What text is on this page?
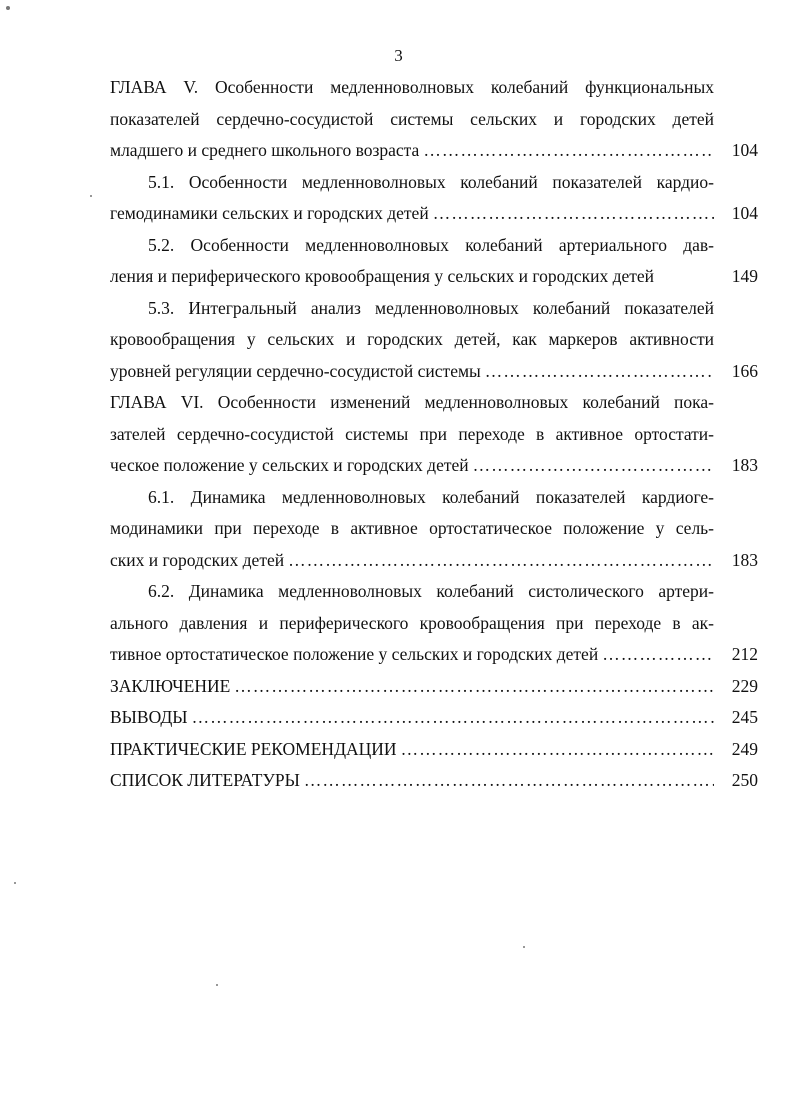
3
ГЛАВА V. Особенности медленноволновых колебаний функциональных
показателей сердечно-сосудистой системы сельских и городских детей
младшего и среднего школьного возраста …………………………………………………………………………………………………………………………………………………………	104
5.1. Особенности медленноволновых колебаний показателей кардио-
гемодинамики сельских и городских детей …………………………………………………………………………………………………………………………………………………………	104
5.2. Особенности медленноволновых колебаний артериального дав-
ления и периферического кровообращения у сельских и городских детей	149
5.3. Интегральный анализ медленноволновых колебаний показателей
кровообращения у сельских и городских детей, как маркеров активности
уровней регуляции сердечно-сосудистой системы …………………………………………………………………………………………………………………………………………………………	166
ГЛАВА VI. Особенности изменений медленноволновых колебаний пока-
зателей сердечно-сосудистой системы при переходе в активное ортостати-
ческое положение у сельских и городских детей …………………………………………………………………………………………………………………………………………………………	183
6.1. Динамика медленноволновых колебаний показателей кардиоге-
модинамики при переходе в активное ортостатическое положение у сель-
ских и городских детей …………………………………………………………………………………………………………………………………………………………	183
6.2. Динамика медленноволновых колебаний систолического артери-
ального давления и периферического кровообращения при переходе в ак-
тивное ортостатическое положение у сельских и городских детей …………………………………………………………………………………………………………………………………………………………	212
ЗАКЛЮЧЕНИЕ …………………………………………………………………………………………………………………………………………………………	229
ВЫВОДЫ …………………………………………………………………………………………………………………………………………………………	245
ПРАКТИЧЕСКИЕ РЕКОМЕНДАЦИИ …………………………………………………………………………………………………………………………………………………………	249
СПИСОК ЛИТЕРАТУРЫ …………………………………………………………………………………………………………………………………………………………	250
